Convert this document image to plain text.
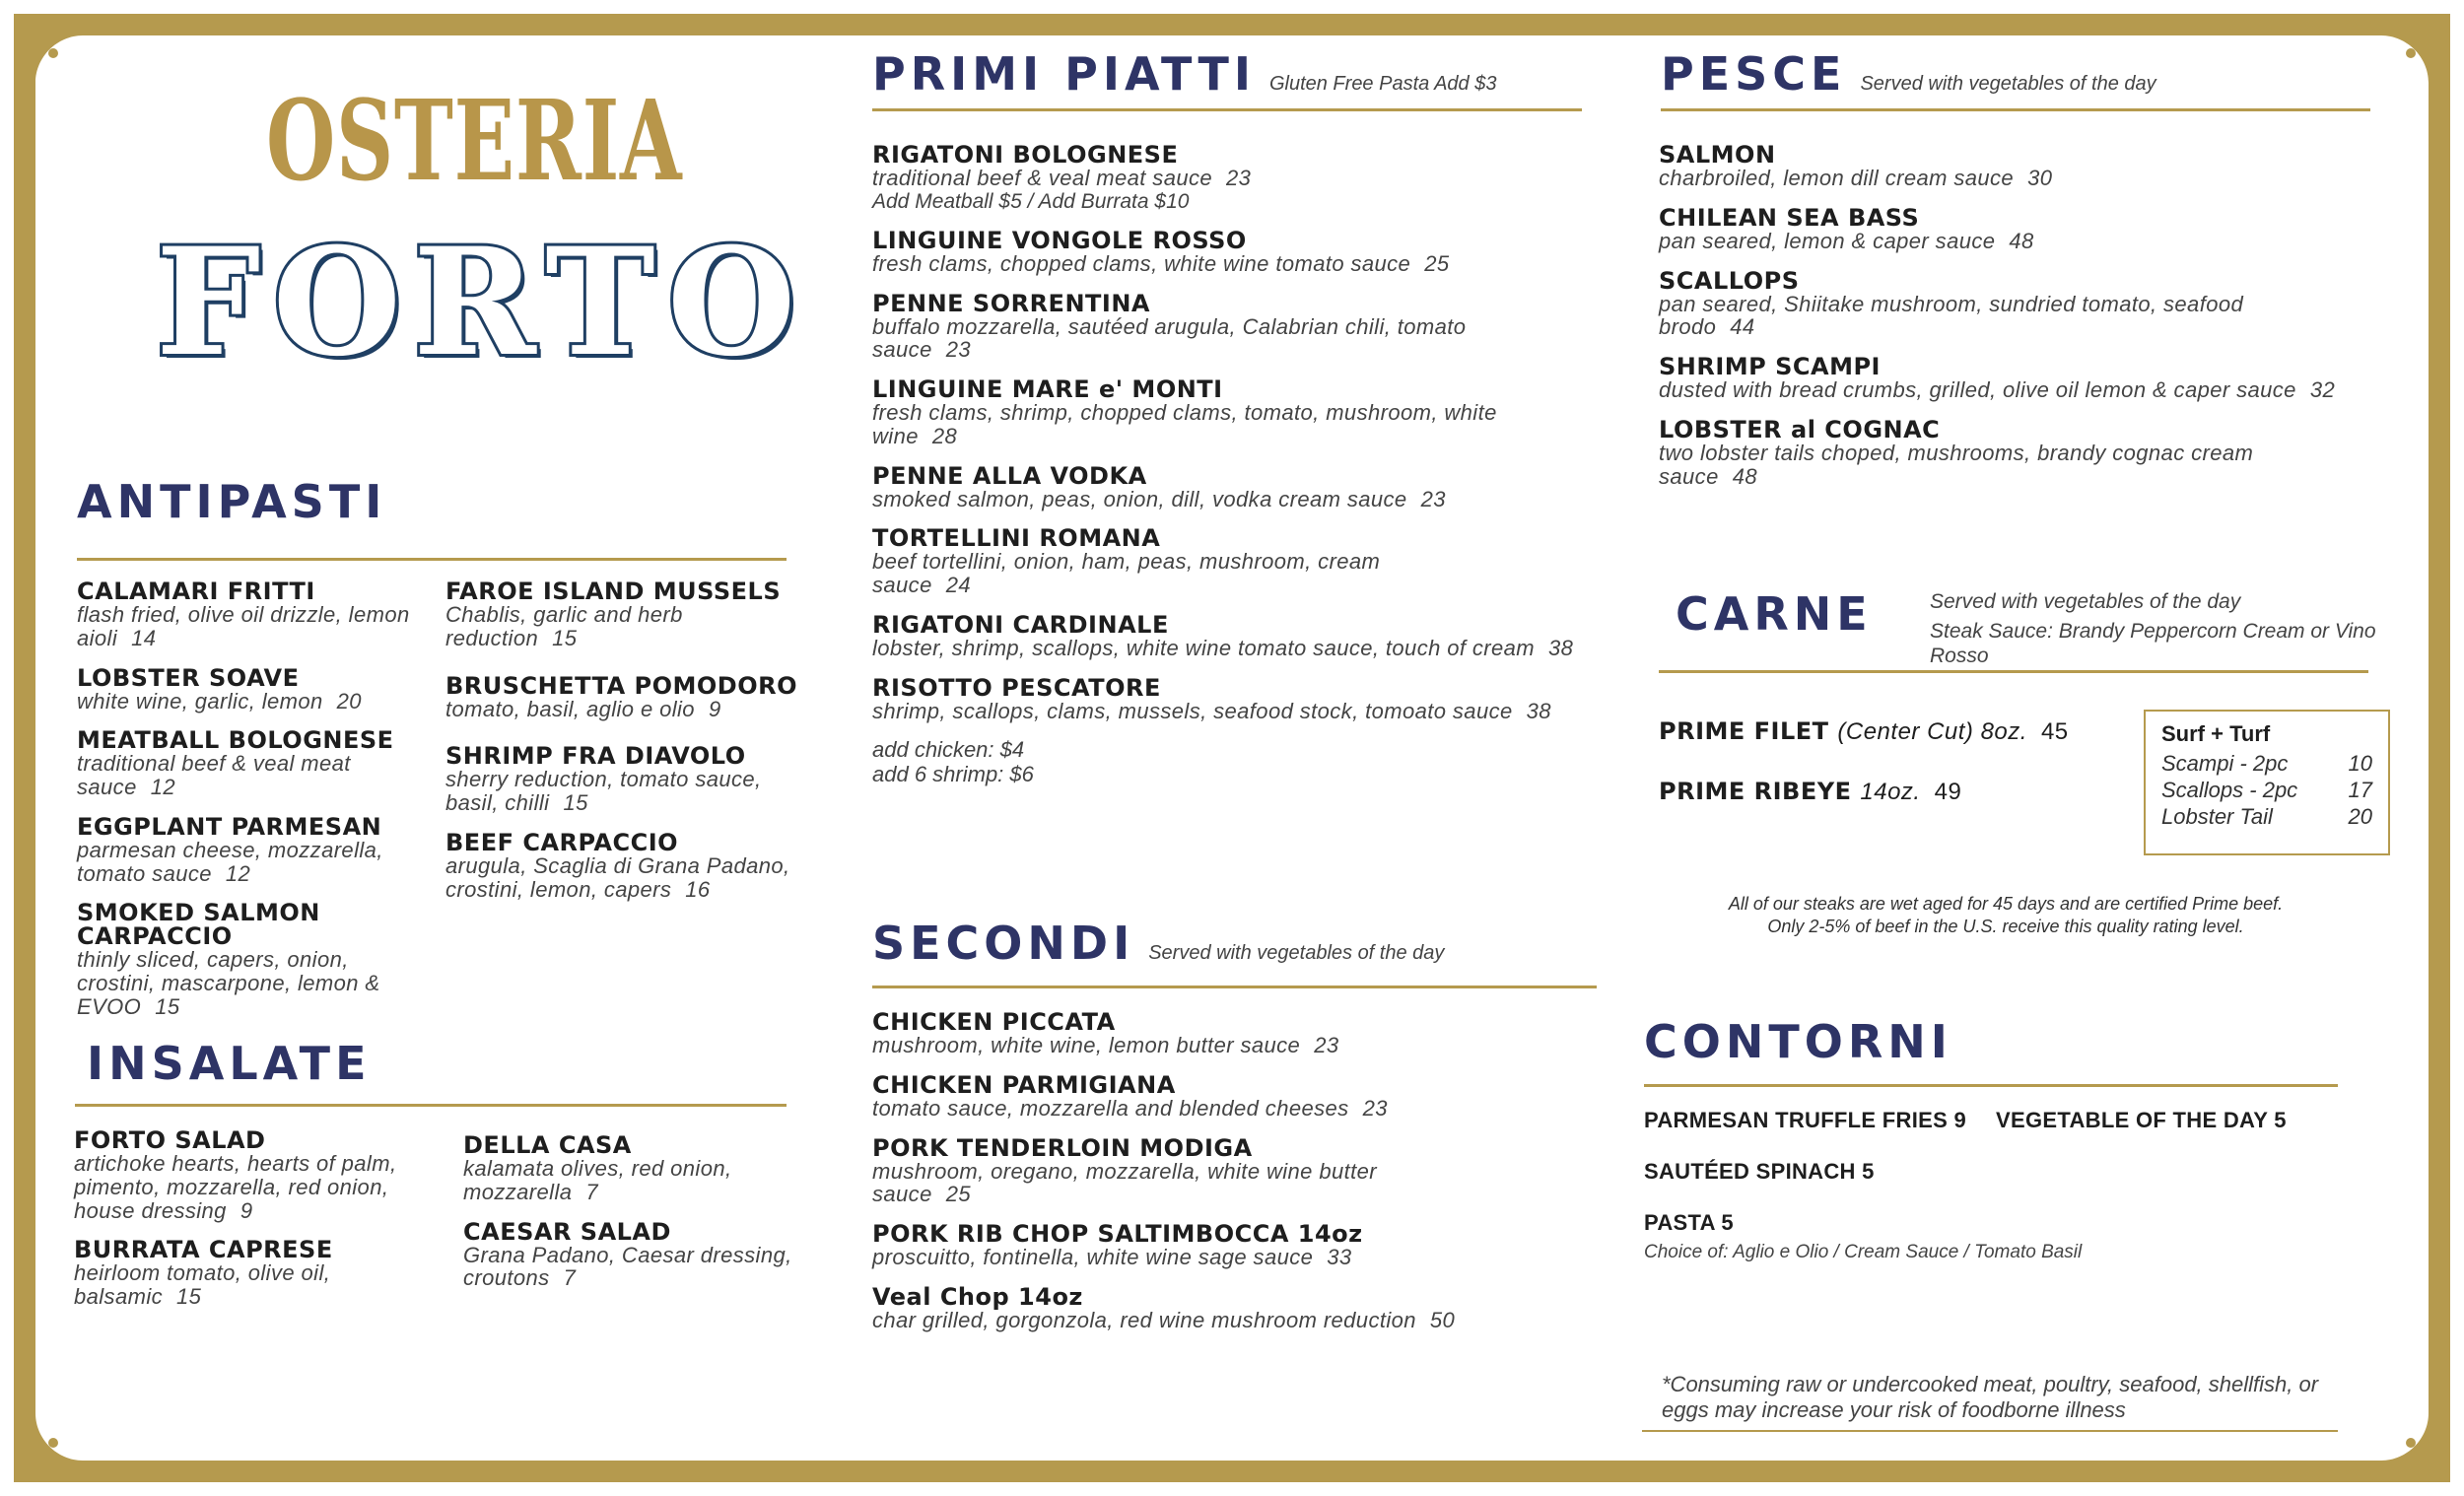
OSTERIA
FORTO
ANTIPASTI
CALAMARI FRITTI
flash fried, olive oil drizzle, lemon aioli 14
LOBSTER SOAVE
white wine, garlic, lemon 20
MEATBALL BOLOGNESE
traditional beef & veal meat sauce 12
EGGPLANT PARMESAN
parmesan cheese, mozzarella, tomato sauce 12
SMOKED SALMON CARPACCIO
thinly sliced, capers, onion, crostini, mascarpone, lemon & EVOO 15
FAROE ISLAND MUSSELS
Chablis, garlic and herb reduction 15
BRUSCHETTA POMODORO
tomato, basil, aglio e olio 9
SHRIMP FRA DIAVOLO
sherry reduction, tomato sauce, basil, chilli 15
BEEF CARPACCIO
arugula, Scaglia di Grana Padano, crostini, lemon, capers 16
INSALATE
FORTO SALAD
artichoke hearts, hearts of palm, pimento, mozzarella, red onion, house dressing 9
BURRATA CAPRESE
heirloom tomato, olive oil, balsamic 15
DELLA CASA
kalamata olives, red onion, mozzarella 7
CAESAR SALAD
Grana Padano, Caesar dressing, croutons 7
PRIMI PIATTI Gluten Free Pasta Add $3
RIGATONI BOLOGNESE
traditional beef & veal meat sauce 23
Add Meatball $5 / Add Burrata $10
LINGUINE VONGOLE ROSSO
fresh clams, chopped clams, white wine tomato sauce 25
PENNE SORRENTINA
buffalo mozzarella, sautéed arugula, Calabrian chili, tomato sauce 23
LINGUINE MARE e' MONTI
fresh clams, shrimp, chopped clams, tomato, mushroom, white wine 28
PENNE ALLA VODKA
smoked salmon, peas, onion, dill, vodka cream sauce 23
TORTELLINI ROMANA
beef tortellini, onion, ham, peas, mushroom, cream sauce 24
RIGATONI CARDINALE
lobster, shrimp, scallops, white wine tomato sauce, touch of cream 38
RISOTTO PESCATORE
shrimp, scallops, clams, mussels, seafood stock, tomoato sauce 38
add chicken: $4
add 6 shrimp: $6
SECONDI Served with vegetables of the day
CHICKEN PICCATA
mushroom, white wine, lemon butter sauce 23
CHICKEN PARMIGIANA
tomato sauce, mozzarella and blended cheeses 23
PORK TENDERLOIN MODIGA
mushroom, oregano, mozzarella, white wine butter sauce 25
PORK RIB CHOP SALTIMBOCCA 14oz
proscuitto, fontinella, white wine sage sauce 33
Veal Chop 14oz
char grilled, gorgonzola, red wine mushroom reduction 50
PESCE Served with vegetables of the day
SALMON
charbroiled, lemon dill cream sauce 30
CHILEAN SEA BASS
pan seared, lemon & caper sauce 48
SCALLOPS
pan seared, Shiitake mushroom, sundried tomato, seafood brodo 44
SHRIMP SCAMPI
dusted with bread crumbs, grilled, olive oil lemon & caper sauce 32
LOBSTER al COGNAC
two lobster tails choped, mushrooms, brandy cognac cream sauce 48
CARNE	Served with vegetables of the day
Steak Sauce: Brandy Peppercorn Cream or Vino Rosso
PRIME FILET (Center Cut) 8oz. 45
PRIME RIBEYE 14oz. 49
Surf + Turf
Scampi - 2pc	10
Scallops - 2pc 17
Lobster Tail	20
All of our steaks are wet aged for 45 days and are certified Prime beef.
Only 2-5% of beef in the U.S. receive this quality rating level.
CONTORNI
PARMESAN TRUFFLE FRIES 9 VEGETABLE OF THE DAY 5
SAUTÉED SPINACH 5
PASTA 5
Choice of: Aglio e Olio / Cream Sauce / Tomato Basil
*Consuming raw or undercooked meat, poultry, seafood, shellfish, or eggs may increase your risk of foodborne illness
